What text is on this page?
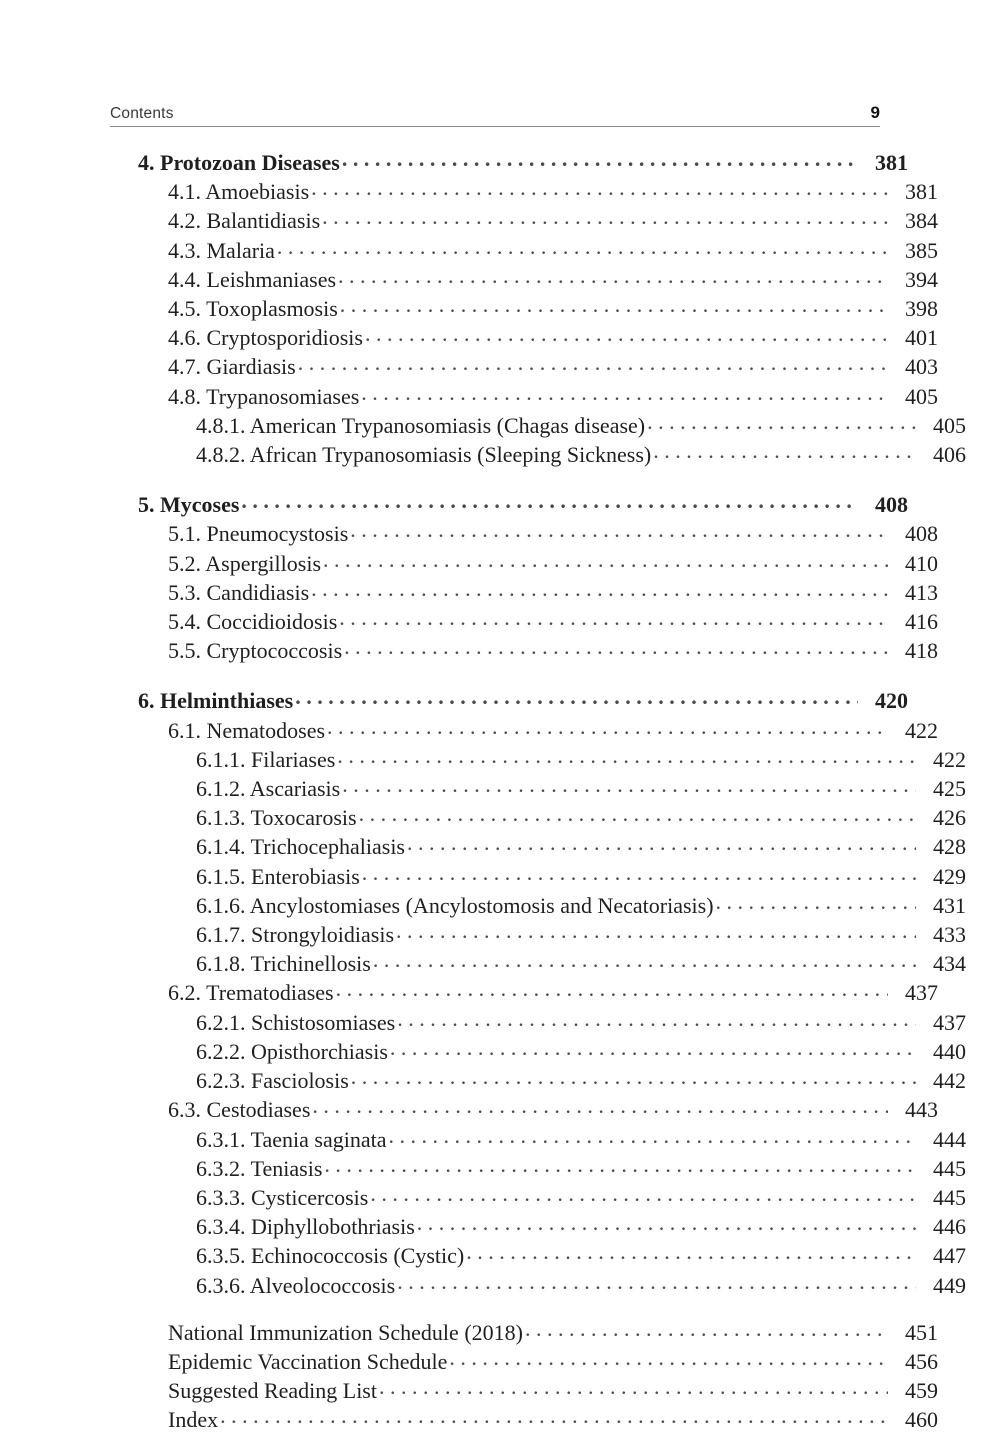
Contents	9
4. Protozoan Diseases . . .	381
4.1. Amoebiasis . . .	381
4.2. Balantidiasis . . .	384
4.3. Malaria . . .	385
4.4. Leishmaniases . . .	394
4.5. Toxoplasmosis . . .	398
4.6. Cryptosporidiosis . . .	401
4.7. Giardiasis . . .	403
4.8. Trypanosomiases . . .	405
4.8.1. American Trypanosomiasis (Chagas disease) . . .	405
4.8.2. African Trypanosomiasis (Sleeping Sickness) . . .	406
5. Mycoses . . .	408
5.1. Pneumocystosis . . .	408
5.2. Aspergillosis . . .	410
5.3. Candidiasis . . .	413
5.4. Coccidioidosis . . .	416
5.5. Cryptococcosis . . .	418
6. Helminthiases . . .	420
6.1. Nematodoses . . .	422
6.1.1. Filariases . . .	422
6.1.2. Ascariasis . . .	425
6.1.3. Toxocarosis . . .	426
6.1.4. Trichocephaliasis . . .	428
6.1.5. Enterobiasis . . .	429
6.1.6. Ancylostomiases (Ancylostomosis and Necatoriasis) . . .	431
6.1.7. Strongyloidiasis . . .	433
6.1.8. Trichinellosis . . .	434
6.2. Trematodiases . . .	437
6.2.1. Schistosomiases . . .	437
6.2.2. Opisthorchiasis . . .	440
6.2.3. Fasciolosis . . .	442
6.3. Cestodiases . . .	443
6.3.1. Taenia saginata . . .	444
6.3.2. Teniasis . . .	445
6.3.3. Cysticercosis . . .	445
6.3.4. Diphyllobothriasis . . .	446
6.3.5. Echinococcosis (Cystic) . . .	447
6.3.6. Alveolococcosis . . .	449
National Immunization Schedule (2018) . . .	451
Epidemic Vaccination Schedule . . .	456
Suggested Reading List . . .	459
Index . . .	460
